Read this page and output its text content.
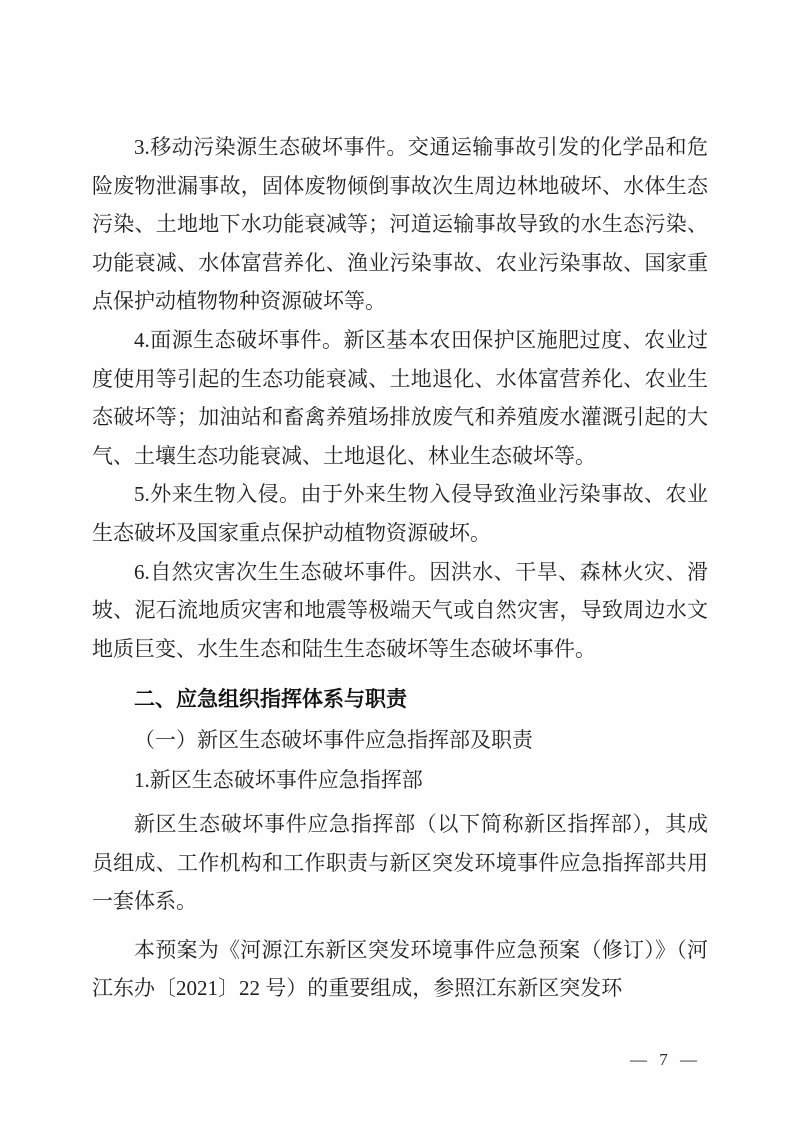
3.移动污染源生态破坏事件。交通运输事故引发的化学品和危险废物泄漏事故，固体废物倾倒事故次生周边林地破坏、水体生态污染、土地地下水功能衰减等；河道运输事故导致的水生态污染、功能衰减、水体富营养化、渔业污染事故、农业污染事故、国家重点保护动植物物种资源破坏等。

4.面源生态破坏事件。新区基本农田保护区施肥过度、农业过度使用等引起的生态功能衰减、土地退化、水体富营养化、农业生态破坏等；加油站和畜禽养殖场排放废气和养殖废水灌溉引起的大气、土壤生态功能衰减、土地退化、林业生态破坏等。

5.外来生物入侵。由于外来生物入侵导致渔业污染事故、农业生态破坏及国家重点保护动植物资源破坏。

6.自然灾害次生生态破坏事件。因洪水、干旱、森林火灾、滑坡、泥石流地质灾害和地震等极端天气或自然灾害，导致周边水文地质巨变、水生生态和陆生生态破坏等生态破坏事件。

二、应急组织指挥体系与职责

（一）新区生态破坏事件应急指挥部及职责

1.新区生态破坏事件应急指挥部

新区生态破坏事件应急指挥部（以下简称新区指挥部），其成员组成、工作机构和工作职责与新区突发环境事件应急指挥部共用一套体系。

本预案为《河源江东新区突发环境事件应急预案（修订）》（河江东办〔2021〕22 号）的重要组成，参照江东新区突发环

— 7 —
